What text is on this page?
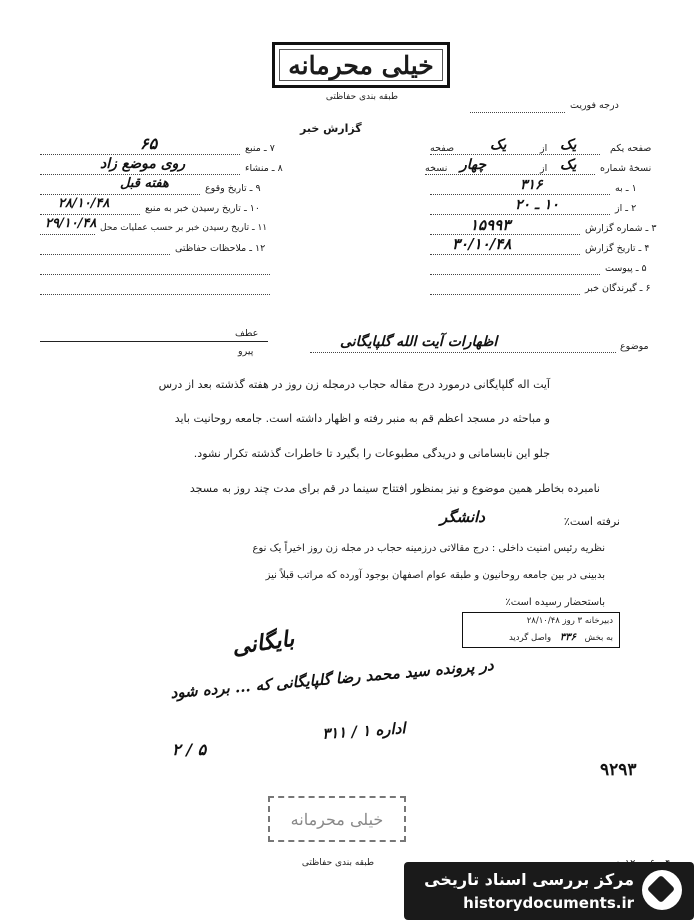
خیلی محرمانه
طبقه بندی حفاظتی
درجه فوریت
گزارش خبر
صفحه یکم
یک
از
یک
صفحه
نسخهٔ شماره
یک
از
چهار
نسخه
۱ ـ به
۳۱۶
۲ ـ از
۱۰ ـ ۲۰
۳ ـ شماره گزارش
۱۵۹۹۳
۴ ـ تاریخ گزارش
۳۰/۱۰/۴۸
۵ ـ پیوست
۶ ـ گیرندگان خبر
۷ ـ منبع
۶۵
۸ ـ منشاء
روی موضع زاد
۹ ـ تاریخ وقوع
هفته قبل
۱۰ ـ تاریخ رسیدن خبر به منبع
۲۸/۱۰/۴۸
۱۱ ـ تاریخ رسیدن خبر بر حسب عملیات محل
۲۹/۱۰/۴۸
۱۲ ـ ملاحظات حفاظتی
عطف
پیرو	موضوع
اظهارات آیت الله گلپایگانی
آیت اله گلپایگانی درمورد درج مقاله حجاب درمجله زن روز در هفته گذشته بعد از درس
و مباحثه در مسجد اعظم قم به منبر رفته و اظهار داشته است. جامعه روحانیت باید
جلو این نابسامانی و دریدگی مطبوعات را بگیرد تا خاطرات گذشته تکرار نشود.
نامبرده بخاطر همین موضوع و نیز بمنظور افتتاح سینما در قم برای مدت چند روز به مسجد
نرفته است٪
دانشگر
نظریه رئیس امنیت داخلی : درج مقالاتی درزمینه حجاب در مجله زن روز اخیراً یک نوع
بدبینی در بین جامعه روحانیون و طبقه عوام اصفهان بوجود آورده که مراتب قبلاً نیز
باستحضار رسیده است٪
دبیرخانه ۳ روز ۲۸/۱۰/۴۸
به بخش ۳۳۶ واصل گردید
بایگانی
در پرونده سید محمد رضا گلپایگانی که ... برده شود
اداره ۱ / ۳۱۱
۵ / ۲
۹۲۹۳
خیلی محرمانه
طبقه بندی حفاظتی
مرکز بررسی اسناد تاریخی
historydocuments.ir
